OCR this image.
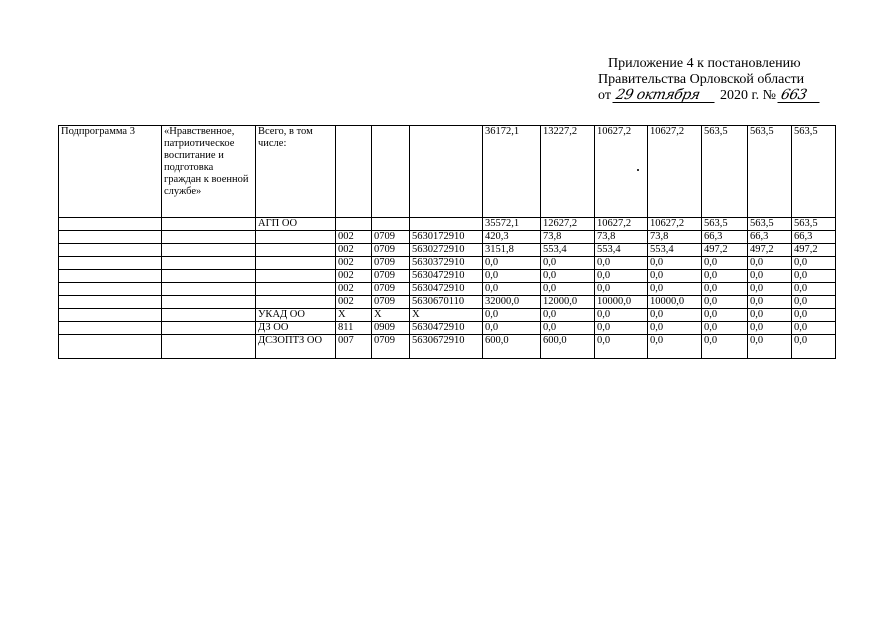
Приложение 4 к постановлению
Правительства Орловской области
от 29 октября 2020 г. № 663
Подпрограмма 3	«Нравственное, патриотическое воспитание и подготовка граждан к военной службе»	Всего, в том числе:				36172,1	13227,2	10627,2	10627,2	563,5	563,5	563,5
		АГП ОО				35572,1	12627,2	10627,2	10627,2	563,5	563,5	563,5
			002	0709	5630172910	420,3	73,8	73,8	73,8	66,3	66,3	66,3
			002	0709	5630272910	3151,8	553,4	553,4	553,4	497,2	497,2	497,2
			002	0709	5630372910	0,0	0,0	0,0	0,0	0,0	0,0	0,0
			002	0709	5630472910	0,0	0,0	0,0	0,0	0,0	0,0	0,0
			002	0709	5630472910	0,0	0,0	0,0	0,0	0,0	0,0	0,0
			002	0709	5630670110	32000,0	12000,0	10000,0	10000,0	0,0	0,0	0,0
		УКАД ОО	Х	Х	Х	0,0	0,0	0,0	0,0	0,0	0,0	0,0
		ДЗ ОО	811	0909	5630472910	0,0	0,0	0,0	0,0	0,0	0,0	0,0
		ДСЗОПТЗ ОО	007	0709	5630672910	600,0	600,0	0,0	0,0	0,0	0,0	0,0
